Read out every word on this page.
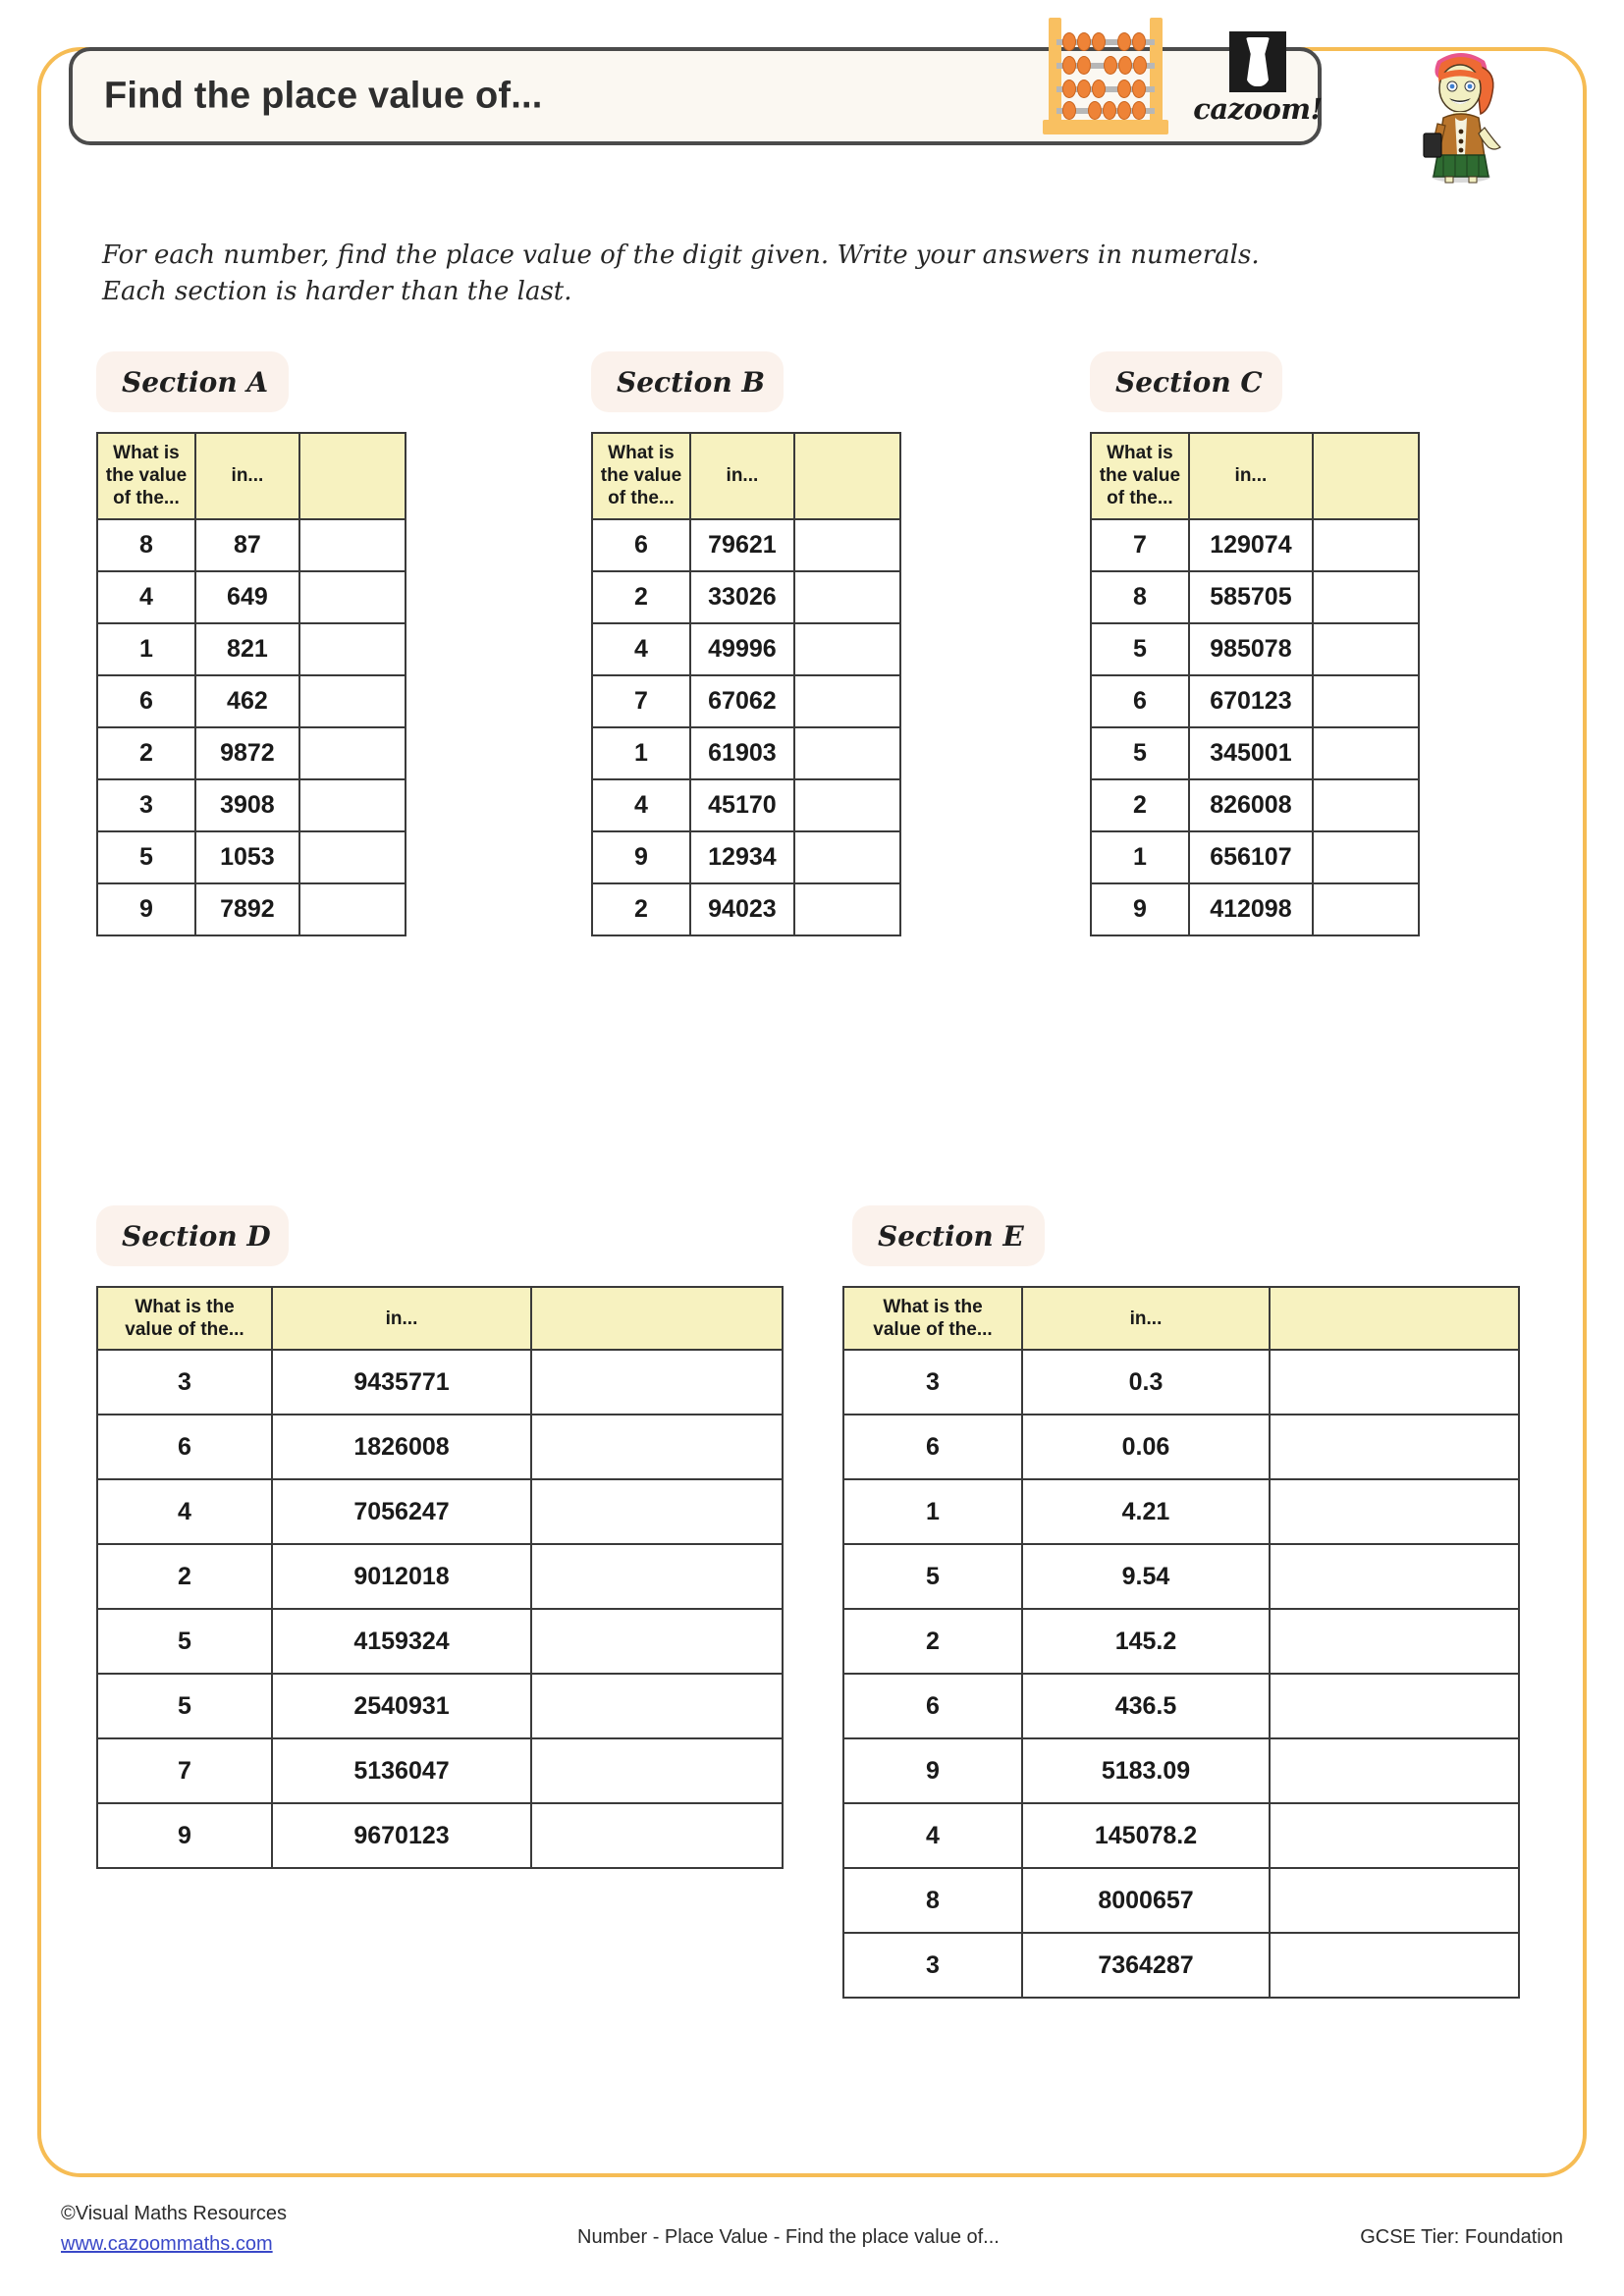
Find the place value of...	cazoom!
For each number, find the place value of the digit given. Write your answers in numerals.
Each section is harder than the last.
Section A	Section B	Section C
Section D	Section E
What is
the value
of the...	in...	
8	87	
4	649	
1	821	
6	462	
2	9872	
3	3908	
5	1053	
9	7892	
What is
the value
of the...	in...	
6	79621	
2	33026	
4	49996	
7	67062	
1	61903	
4	45170	
9	12934	
2	94023	
What is
the value
of the...	in...	
7	129074	
8	585705	
5	985078	
6	670123	
5	345001	
2	826008	
1	656107	
9	412098	
What is the
value of the...	in...	
3	9435771	
6	1826008	
4	7056247	
2	9012018	
5	4159324	
5	2540931	
7	5136047	
9	9670123	
What is the
value of the...	in...	
3	0.3	
6	0.06	
1	4.21	
5	9.54	
2	145.2	
6	436.5	
9	5183.09	
4	145078.2	
8	8000657	
3	7364287	
©Visual Maths Resources
www.cazoommaths.com	Number - Place Value - Find the place value of...	GCSE Tier: Foundation
